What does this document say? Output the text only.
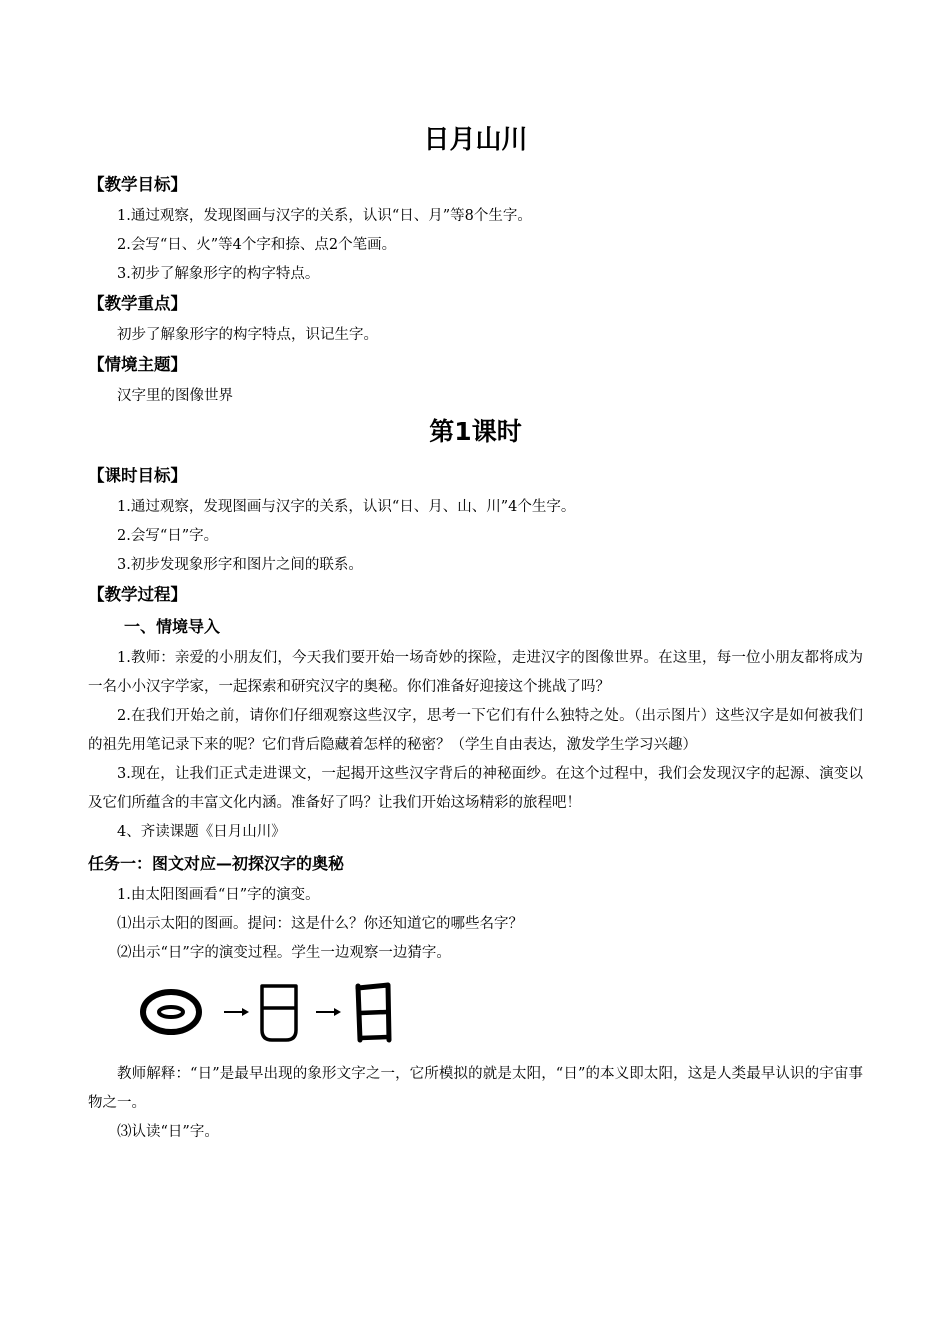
日月山川
【教学目标】

1.通过观察，发现图画与汉字的关系，认识“日、月”等8个生字。

2.会写“日、火”等4个字和捺、点2个笔画。

3.初步了解象形字的构字特点。

【教学重点】

初步了解象形字的构字特点，识记生字。

【情境主题】

汉字里的图像世界

第1课时
【课时目标】

1.通过观察，发现图画与汉字的关系，认识“日、月、山、川”4个生字。

2.会写“日”字。

3.初步发现象形字和图片之间的联系。

【教学过程】
一、情境导入

1.教师：亲爱的小朋友们，今天我们要开始一场奇妙的探险，走进汉字的图像世界。在这里，每一位小朋友都将成为一名小小汉字学家，一起探索和研究汉字的奥秘。你们准备好迎接这个挑战了吗？

2.在我们开始之前，请你们仔细观察这些汉字，思考一下它们有什么独特之处。（出示图片）这些汉字是如何被我们的祖先用笔记录下来的呢？它们背后隐藏着怎样的秘密？（学生自由表达，激发学生学习兴趣）

3.现在，让我们正式走进课文，一起揭开这些汉字背后的神秘面纱。在这个过程中，我们会发现汉字的起源、演变以及它们所蕴含的丰富文化内涵。准备好了吗？让我们开始这场精彩的旅程吧！

4、齐读课题《日月山川》

任务一：图文对应—初探汉字的奥秘

1.由太阳图画看“日”字的演变。

⑴出示太阳的图画。提问：这是什么？你还知道它的哪些名字？

⑵出示“日”字的演变过程。学生一边观察一边猜字。

教师解释：“日”是最早出现的象形文字之一，它所模拟的就是太阳，“日”的本义即太阳，这是人类最早认识的宇宙事物之一。

⑶认读“日”字。
